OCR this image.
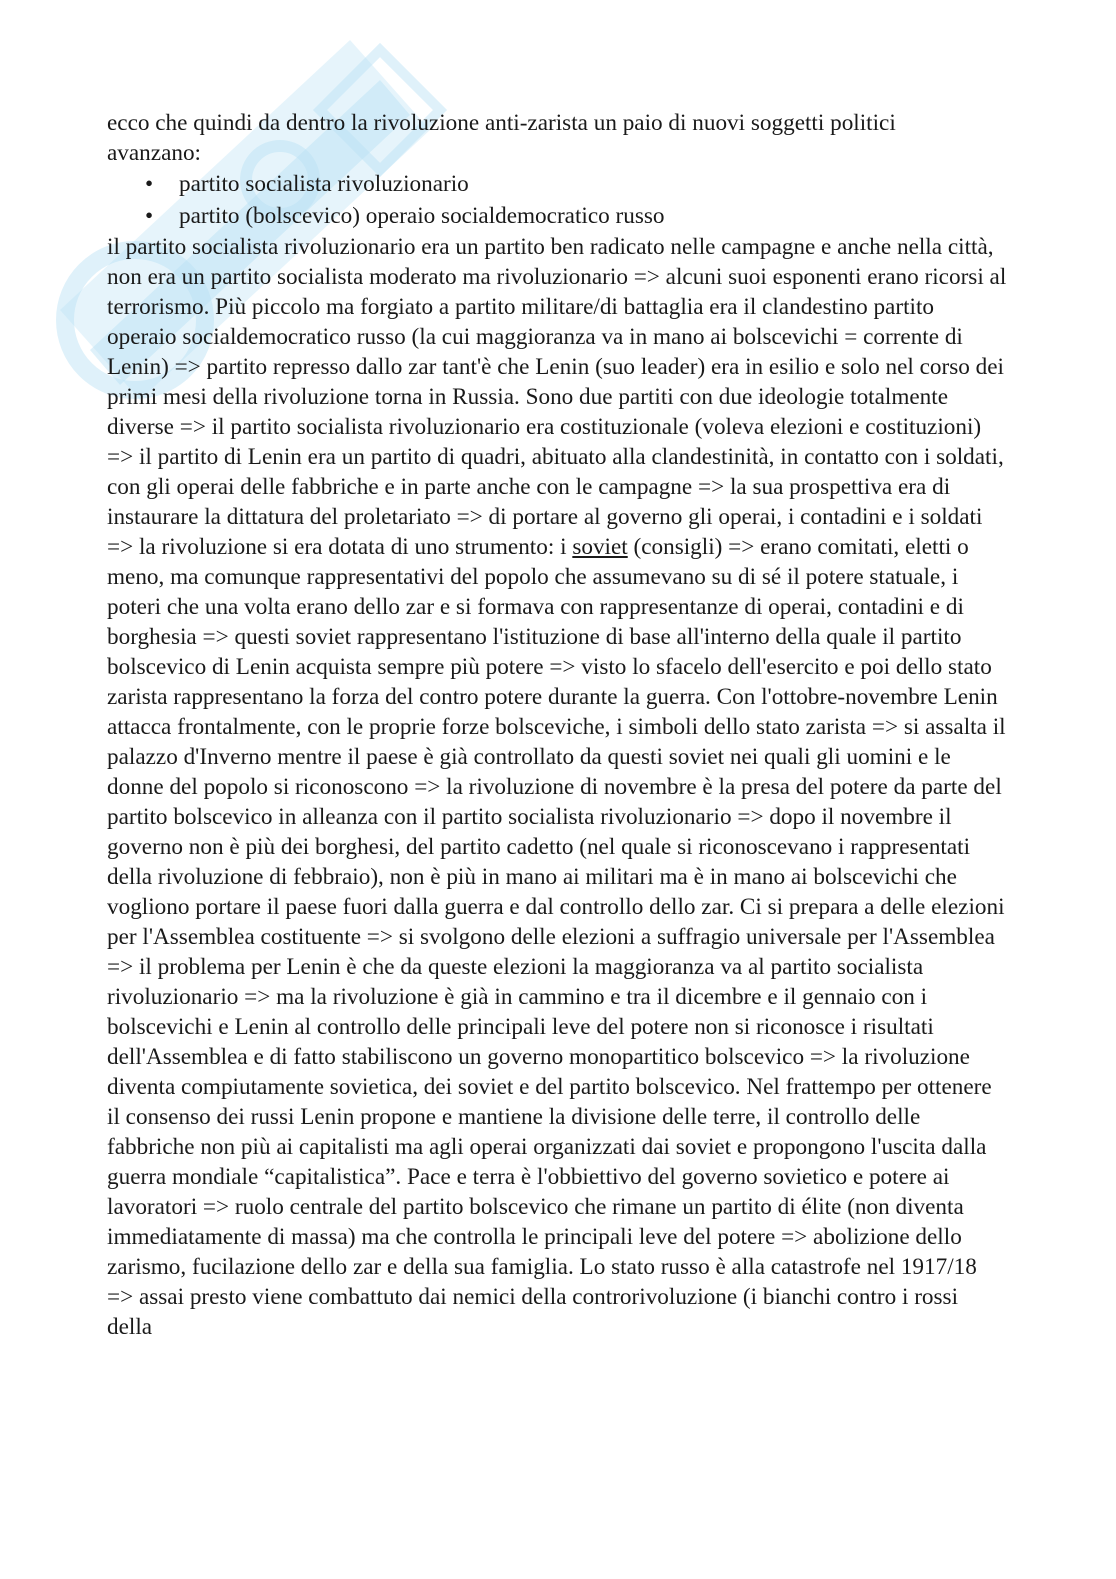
ecco che quindi da dentro la rivoluzione anti-zarista un paio di nuovi soggetti politici

avanzano:

• partito socialista rivoluzionario
• partito (bolscevico) operaio socialdemocratico russo

il partito socialista rivoluzionario era un partito ben radicato nelle campagne e anche nella città, non era un partito socialista moderato ma rivoluzionario => alcuni suoi esponenti erano ricorsi al terrorismo. Più piccolo ma forgiato a partito militare/di battaglia era il clandestino partito operaio socialdemocratico russo (la cui maggioranza va in mano ai bolscevichi = corrente di Lenin) => partito represso dallo zar tant'è che Lenin (suo leader) era in esilio e solo nel corso dei primi mesi della rivoluzione torna in Russia. Sono due partiti con due ideologie totalmente diverse => il partito socialista rivoluzionario era costituzionale (voleva elezioni e costituzioni) => il partito di Lenin era un partito di quadri, abituato alla clandestinità, in contatto con i soldati, con gli operai delle fabbriche e in parte anche con le campagne => la sua prospettiva era di instaurare la dittatura del proletariato => di portare al governo gli operai, i contadini e i soldati => la rivoluzione si era dotata di uno strumento: i soviet (consigli) => erano comitati, eletti o meno, ma comunque rappresentativi del popolo che assumevano su di sé il potere statuale, i poteri che una volta erano dello zar e si formava con rappresentanze di operai, contadini e di borghesia => questi soviet rappresentano l'istituzione di base all'interno della quale il partito bolscevico di Lenin acquista sempre più potere => visto lo sfacelo dell'esercito e poi dello stato zarista rappresentano la forza del contro potere durante la guerra. Con l'ottobre-novembre Lenin attacca frontalmente, con le proprie forze bolsceviche, i simboli dello stato zarista => si assalta il palazzo d'Inverno mentre il paese è già controllato da questi soviet nei quali gli uomini e le donne del popolo si riconoscono => la rivoluzione di novembre è la presa del potere da parte del partito bolscevico in alleanza con il partito socialista rivoluzionario => dopo il novembre il governo non è più dei borghesi, del partito cadetto (nel quale si riconoscevano i rappresentati della rivoluzione di febbraio), non è più in mano ai militari ma è in mano ai bolscevichi che vogliono portare il paese fuori dalla guerra e dal controllo dello zar. Ci si prepara a delle elezioni per l'Assemblea costituente => si svolgono delle elezioni a suffragio universale per l'Assemblea => il problema per Lenin è che da queste elezioni la maggioranza va al partito socialista rivoluzionario => ma la rivoluzione è già in cammino e tra il dicembre e il gennaio con i bolscevichi e Lenin al controllo delle principali leve del potere non si riconosce i risultati dell'Assemblea e di fatto stabiliscono un governo monopartitico bolscevico => la rivoluzione diventa compiutamente sovietica, dei soviet e del partito bolscevico. Nel frattempo per ottenere il consenso dei russi Lenin propone e mantiene la divisione delle terre, il controllo delle fabbriche non più ai capitalisti ma agli operai organizzati dai soviet e propongono l'uscita dalla guerra mondiale “capitalistica”. Pace e terra è l'obbiettivo del governo sovietico e potere ai lavoratori => ruolo centrale del partito bolscevico che rimane un partito di élite (non diventa immediatamente di massa) ma che controlla le principali leve del potere => abolizione dello zarismo, fucilazione dello zar e della sua famiglia. Lo stato russo è alla catastrofe nel 1917/18 => assai presto viene combattuto dai nemici della controrivoluzione (i bianchi contro i rossi della
